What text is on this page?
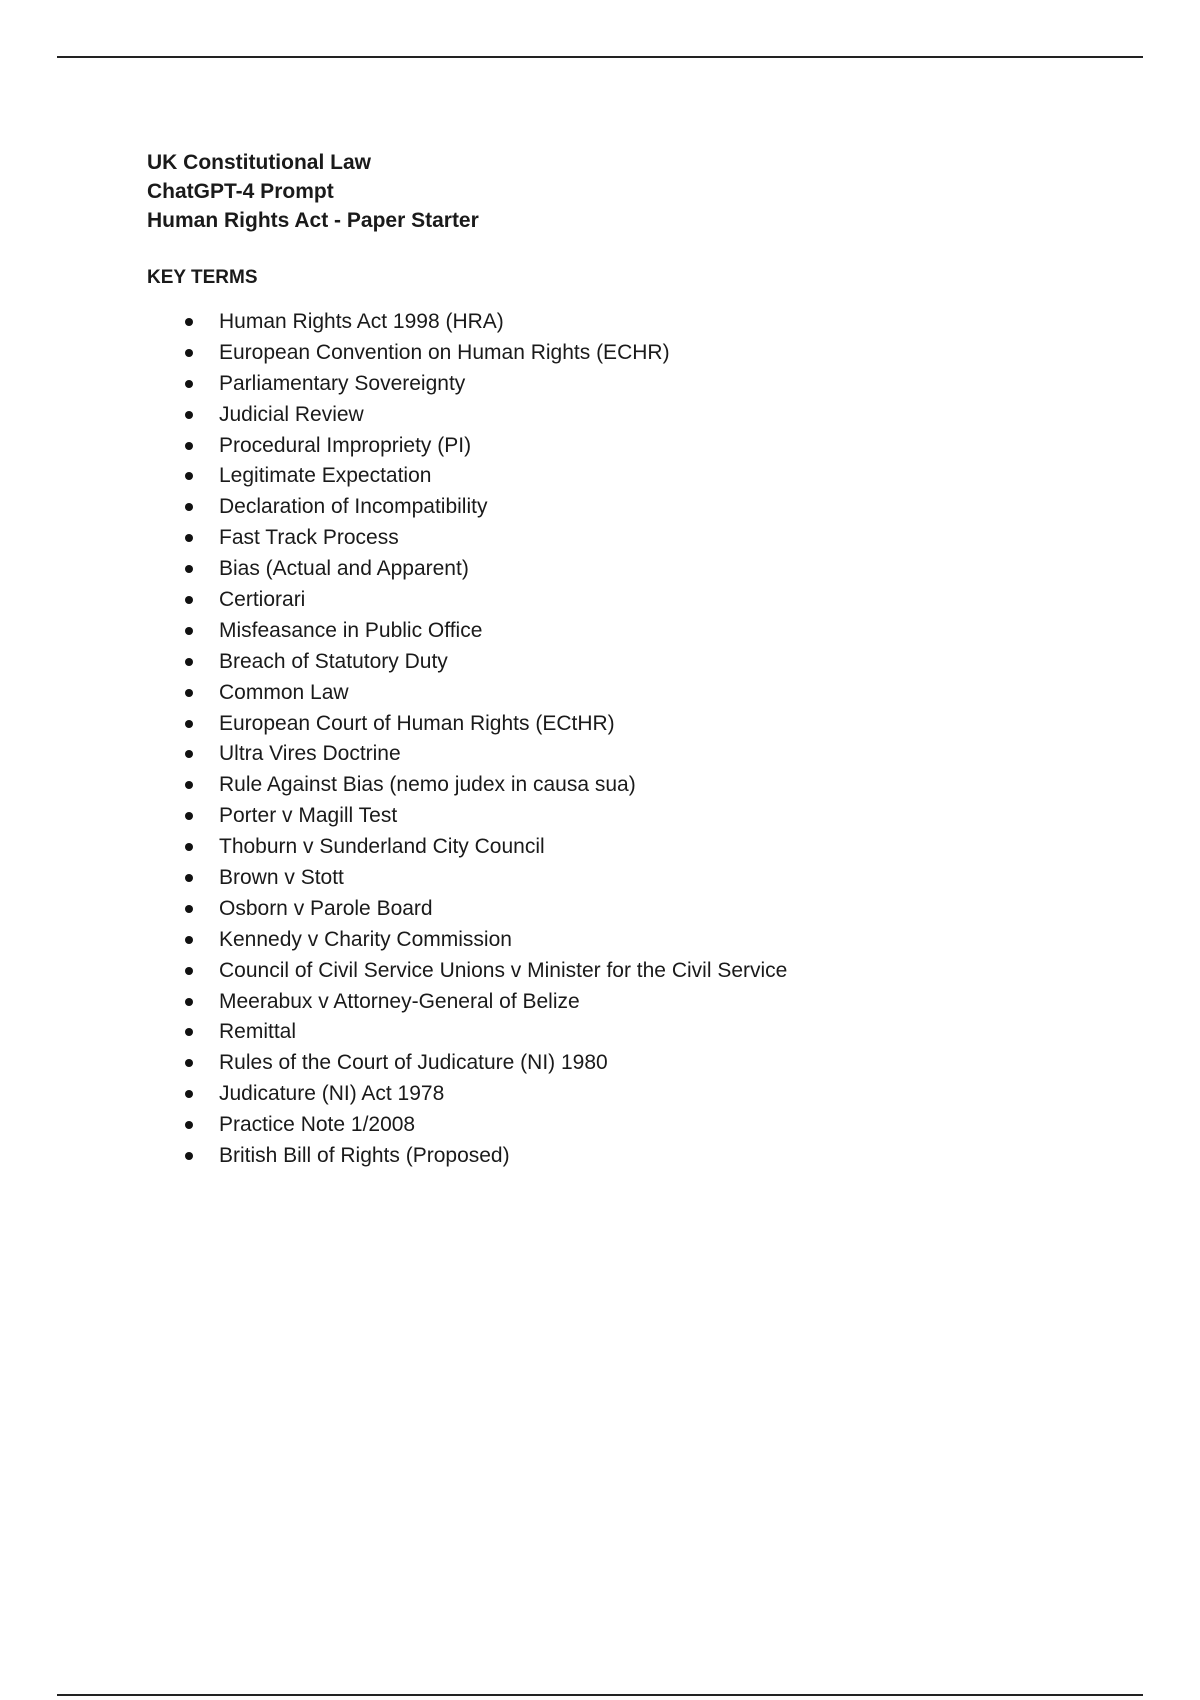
UK Constitutional Law
ChatGPT-4 Prompt
Human Rights Act - Paper Starter
KEY TERMS
Human Rights Act 1998 (HRA)
European Convention on Human Rights (ECHR)
Parliamentary Sovereignty
Judicial Review
Procedural Impropriety (PI)
Legitimate Expectation
Declaration of Incompatibility
Fast Track Process
Bias (Actual and Apparent)
Certiorari
Misfeasance in Public Office
Breach of Statutory Duty
Common Law
European Court of Human Rights (ECtHR)
Ultra Vires Doctrine
Rule Against Bias (nemo judex in causa sua)
Porter v Magill Test
Thoburn v Sunderland City Council
Brown v Stott
Osborn v Parole Board
Kennedy v Charity Commission
Council of Civil Service Unions v Minister for the Civil Service
Meerabux v Attorney-General of Belize
Remittal
Rules of the Court of Judicature (NI) 1980
Judicature (NI) Act 1978
Practice Note 1/2008
British Bill of Rights (Proposed)
